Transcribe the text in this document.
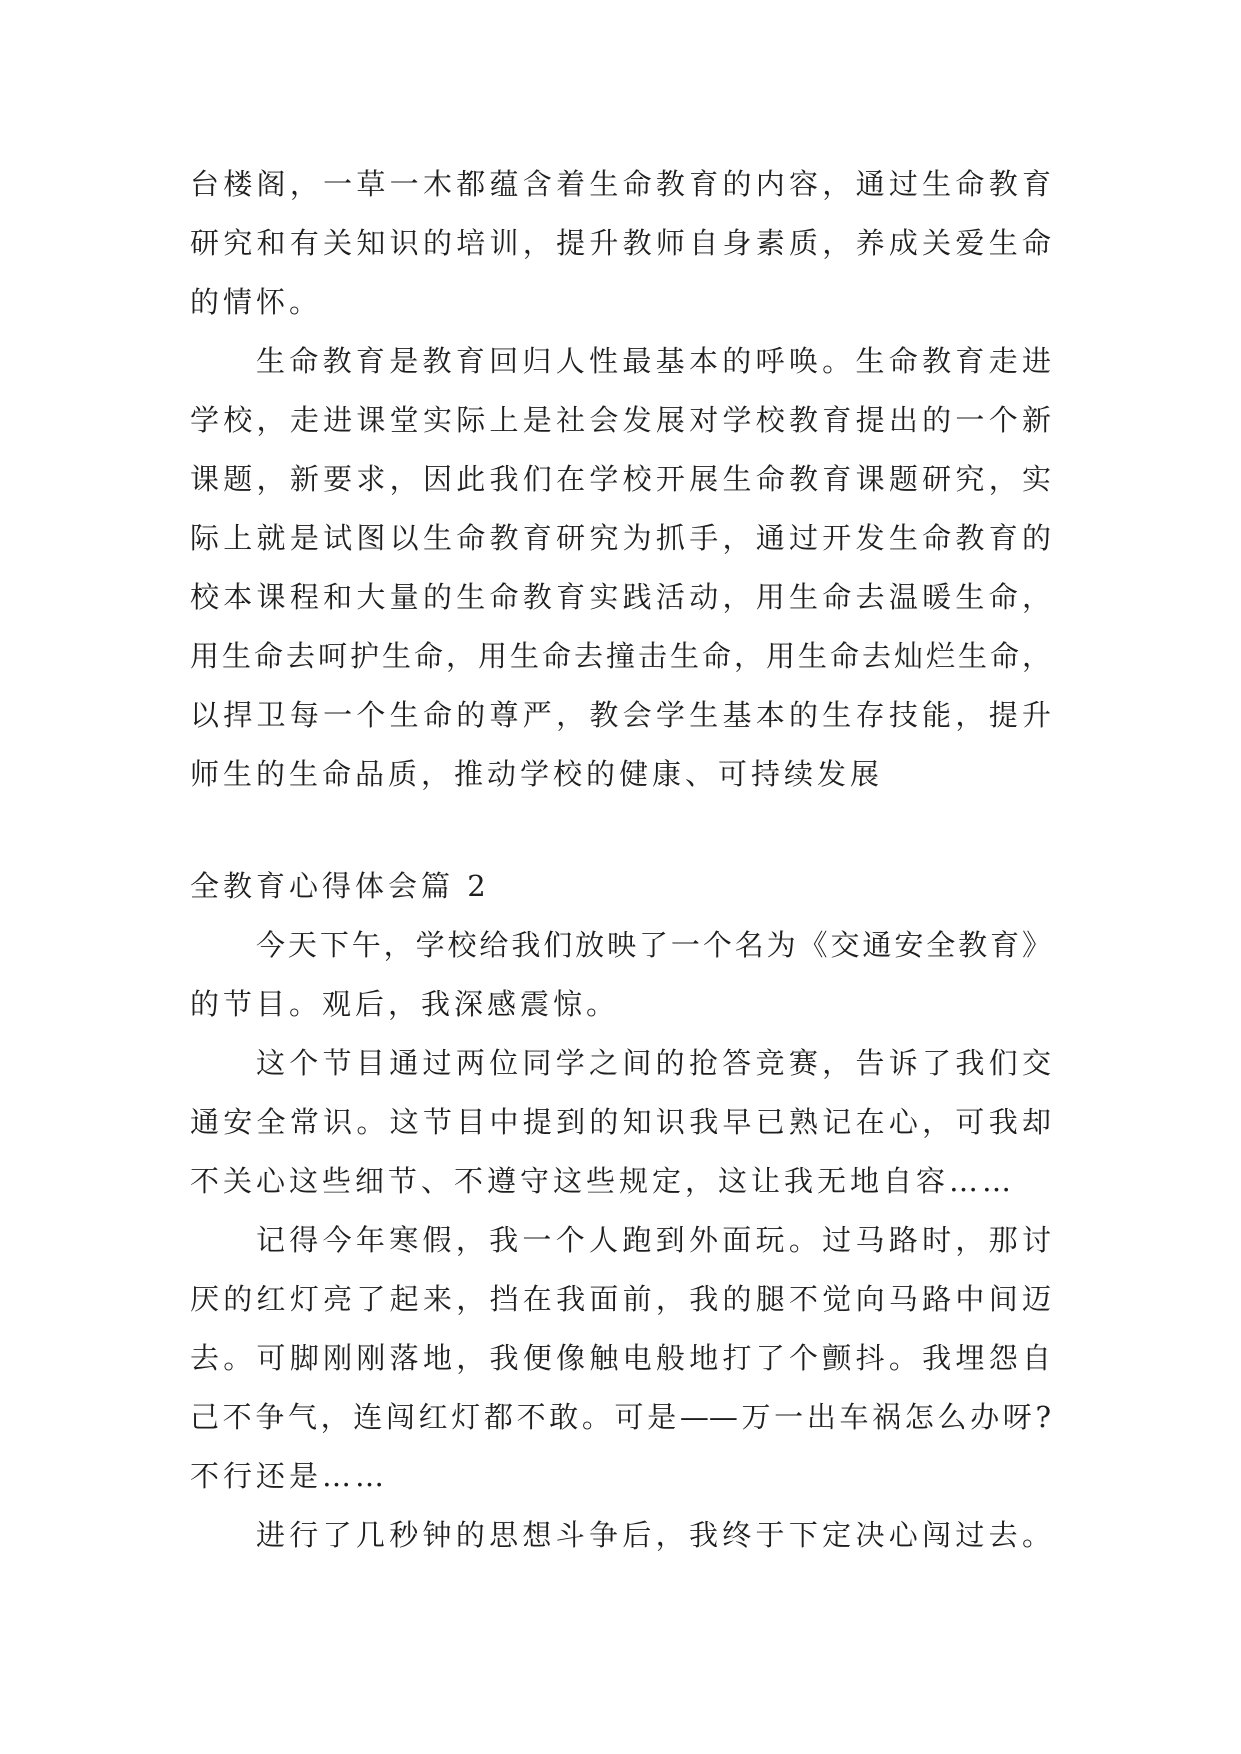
台楼阁，一草一木都蕴含着生命教育的内容，通过生命教育
研究和有关知识的培训，提升教师自身素质，养成关爱生命
的情怀。
生命教育是教育回归人性最基本的呼唤。生命教育走进
学校，走进课堂实际上是社会发展对学校教育提出的一个新
课题，新要求，因此我们在学校开展生命教育课题研究，实
际上就是试图以生命教育研究为抓手，通过开发生命教育的
校本课程和大量的生命教育实践活动，用生命去温暖生命，
用生命去呵护生命，用生命去撞击生命，用生命去灿烂生命，
以捍卫每一个生命的尊严，教会学生基本的生存技能，提升
师生的生命品质，推动学校的健康、可持续发展
全教育心得体会篇 2
今天下午，学校给我们放映了一个名为《交通安全教育》
的节目。观后，我深感震惊。
这个节目通过两位同学之间的抢答竞赛，告诉了我们交
通安全常识。这节目中提到的知识我早已熟记在心，可我却
不关心这些细节、不遵守这些规定，这让我无地自容……
记得今年寒假，我一个人跑到外面玩。过马路时，那讨
厌的红灯亮了起来，挡在我面前，我的腿不觉向马路中间迈
去。可脚刚刚落地，我便像触电般地打了个颤抖。我埋怨自
己不争气，连闯红灯都不敢。可是——万一出车祸怎么办呀?
不行还是……
进行了几秒钟的思想斗争后，我终于下定决心闯过去。
